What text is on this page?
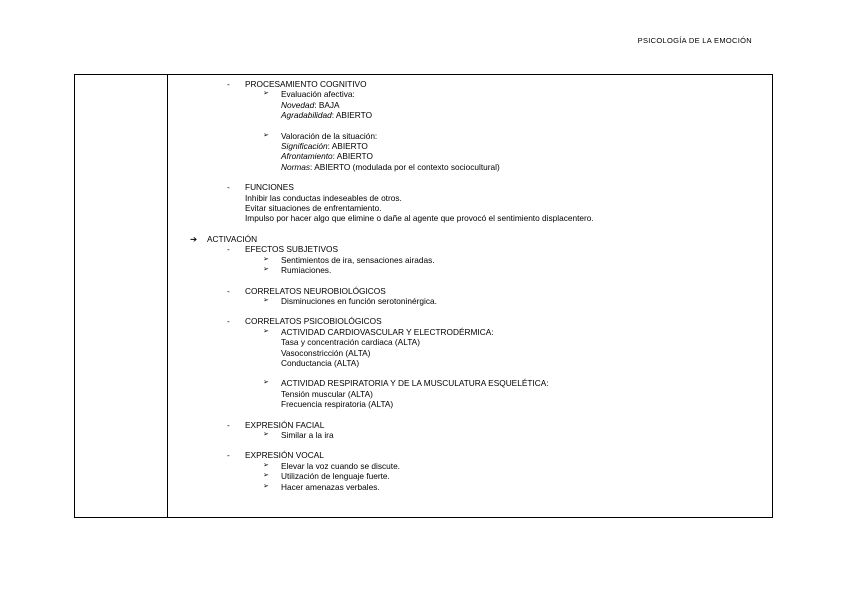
PSICOLOGÍA DE LA EMOCIÓN
- PROCESAMIENTO COGNITIVO
➢ Evaluación afectiva:
Novedad: BAJA
Agradabilidad: ABIERTO
➢ Valoración de la situación:
Significación: ABIERTO
Afrontamiento: ABIERTO
Normas: ABIERTO (modulada por el contexto sociocultural)
- FUNCIONES
Inhibir las conductas indeseables de otros.
Evitar situaciones de enfrentamiento.
Impulso por hacer algo que elimine o dañe al agente que provocó el sentimiento displacentero.
➔ ACTIVACIÓN
- EFECTOS SUBJETIVOS
➢ Sentimientos de ira, sensaciones airadas.
➢ Rumiaciones.
- CORRELATOS NEUROBIOLÓGICOS
➢ Disminuciones en función serotoninérgica.
- CORRELATOS PSICOBIOLÓGICOS
➢ ACTIVIDAD CARDIOVASCULAR Y ELECTRODÉRMICA:
Tasa y concentración cardiaca (ALTA)
Vasoconstricción (ALTA)
Conductancia (ALTA)
➢ ACTIVIDAD RESPIRATORIA Y DE LA MUSCULATURA ESQUELÉTICA:
Tensión muscular (ALTA)
Frecuencia respiratoria (ALTA)
- EXPRESIÓN FACIAL
➢ Similar a la ira
- EXPRESIÓN VOCAL
➢ Elevar la voz cuando se discute.
➢ Utilización de lenguaje fuerte.
➢ Hacer amenazas verbales.
